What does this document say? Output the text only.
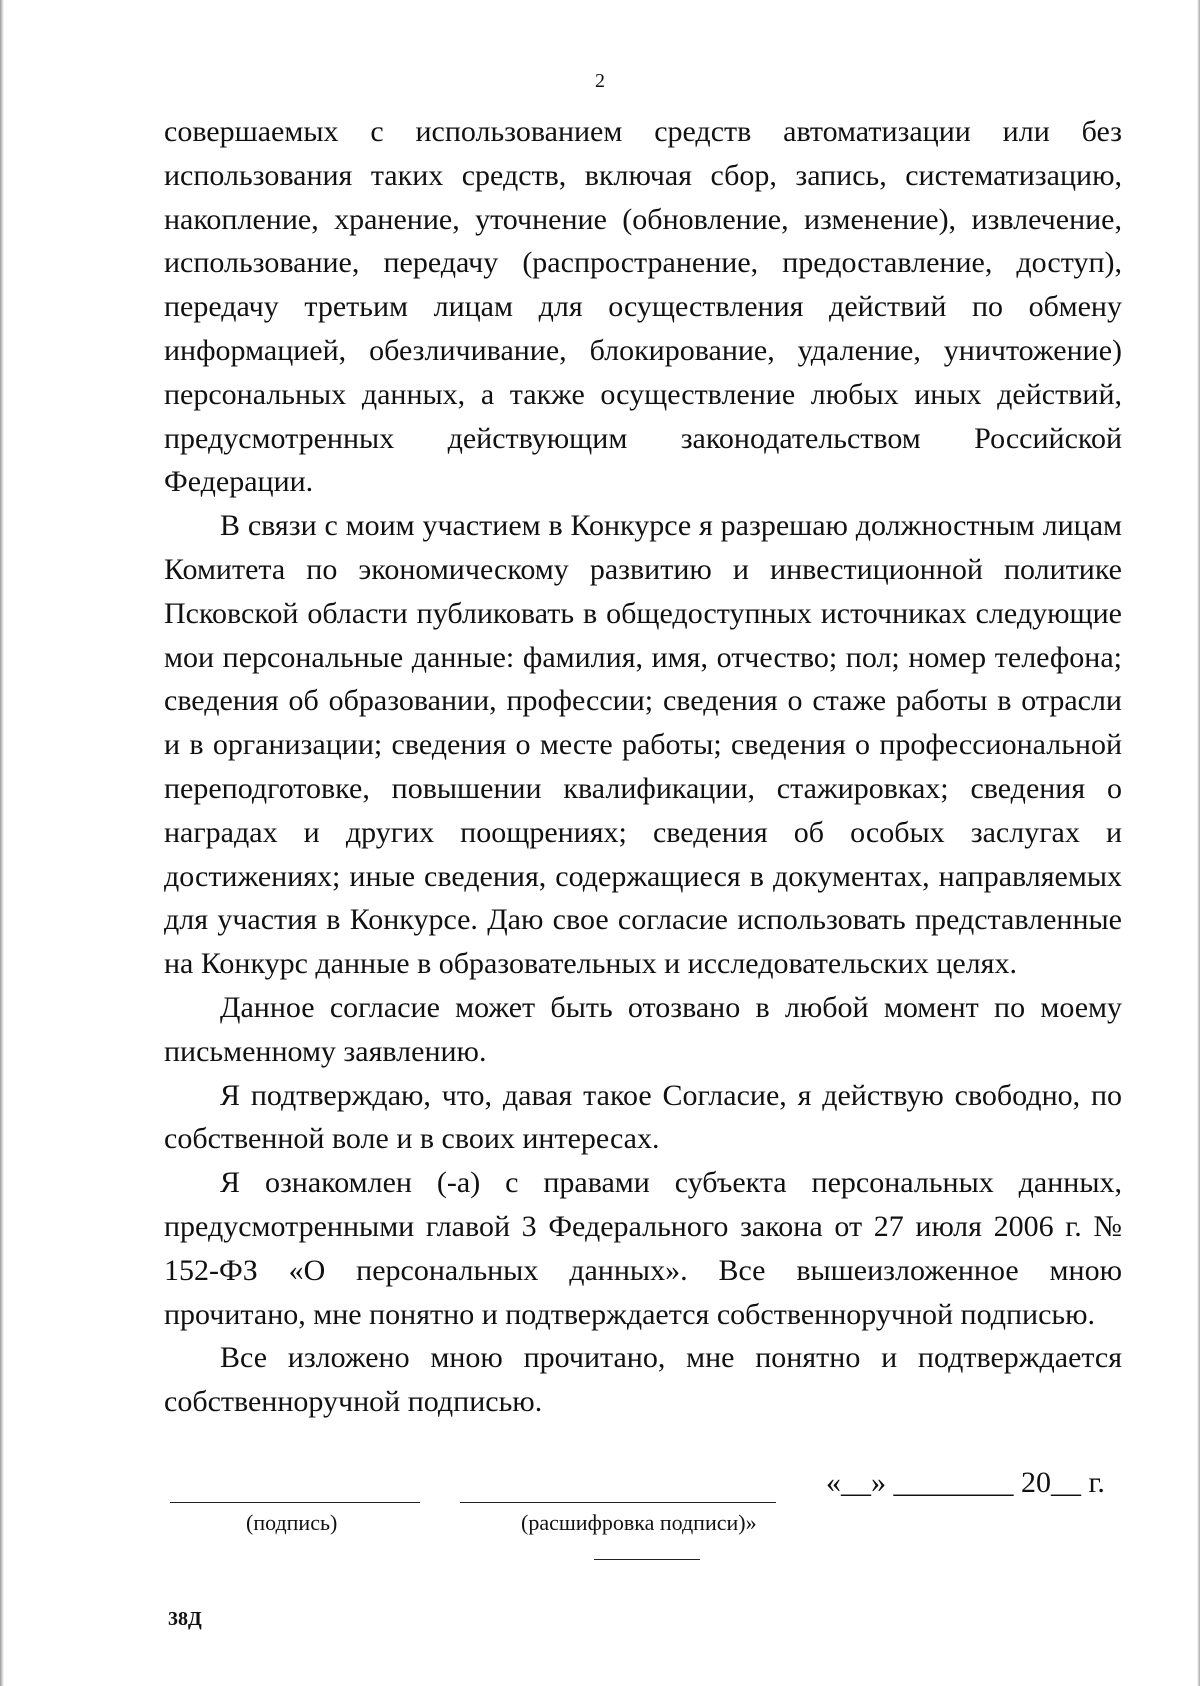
2

совершаемых с использованием средств автоматизации или без использования таких средств, включая сбор, запись, систематизацию, накопление, хранение, уточнение (обновление, изменение), извлечение, использование, передачу (распространение, предоставление, доступ), передачу третьим лицам для осуществления действий по обмену информацией, обезличивание, блокирование, удаление, уничтожение) персональных данных, а также осуществление любых иных действий, предусмотренных действующим законодательством Российской Федерации.

В связи с моим участием в Конкурсе я разрешаю должностным лицам Комитета по экономическому развитию и инвестиционной политике Псковской области публиковать в общедоступных источниках следующие мои персональные данные: фамилия, имя, отчество; пол; номер телефона; сведения об образовании, профессии; сведения о стаже работы в отрасли и в организации; сведения о месте работы; сведения о профессиональной переподготовке, повышении квалификации, стажировках; сведения о наградах и других поощрениях; сведения об особых заслугах и достижениях; иные сведения, содержащиеся в документах, направляемых для участия в Конкурсе. Даю свое согласие использовать представленные на Конкурс данные в образовательных и исследовательских целях.

Данное согласие может быть отозвано в любой момент по моему письменному заявлению.

Я подтверждаю, что, давая такое Согласие, я действую свободно, по собственной воле и в своих интересах.

Я ознакомлен (-а) с правами субъекта персональных данных, предусмотренными главой 3 Федерального закона от 27 июля 2006 г. № 152-ФЗ «О персональных данных». Все вышеизложенное мною прочитано, мне понятно и подтверждается собственноручной подписью.

Все изложено мною прочитано, мне понятно и подтверждается собственноручной подписью.

«__» ________ 20__ г.
(подпись)	(расшифровка подписи)»
38Д
